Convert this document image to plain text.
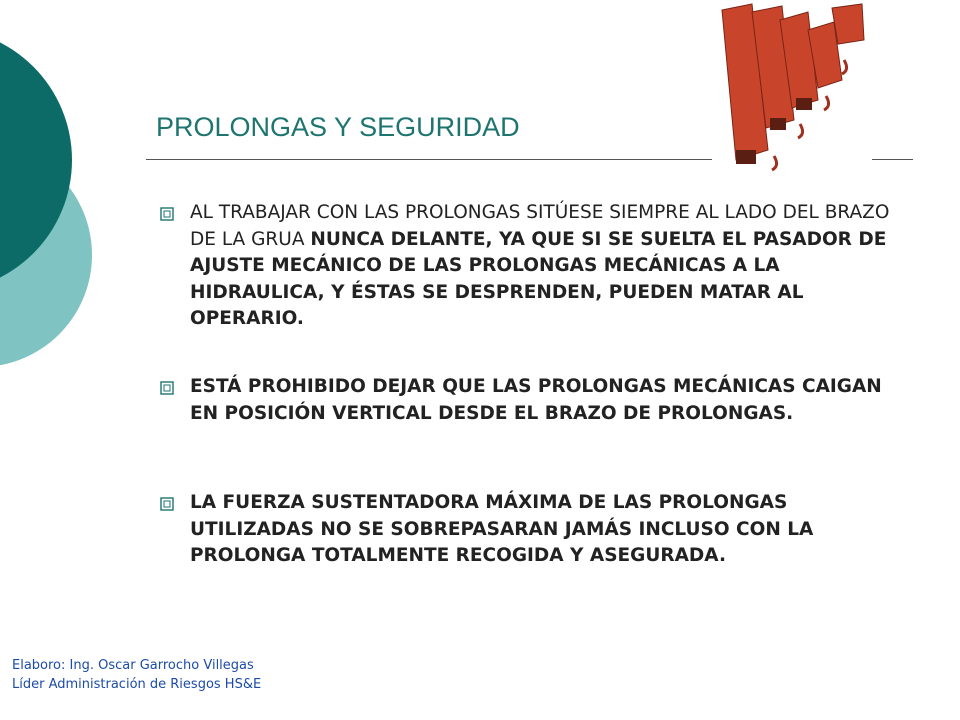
PROLONGAS Y SEGURIDAD
AL TRABAJAR CON LAS PROLONGAS SITÚESE SIEMPRE AL LADO DEL BRAZO DE LA GRUA NUNCA DELANTE, YA QUE SI SE SUELTA EL PASADOR DE AJUSTE MECÁNICO DE LAS PROLONGAS MECÁNICAS A LA HIDRAULICA, Y ÉSTAS SE DESPRENDEN, PUEDEN MATAR AL OPERARIO.
ESTÁ PROHIBIDO DEJAR QUE LAS PROLONGAS MECÁNICAS CAIGAN EN POSICIÓN VERTICAL DESDE EL BRAZO DE PROLONGAS.
LA FUERZA SUSTENTADORA MÁXIMA DE LAS PROLONGAS UTILIZADAS NO SE SOBREPASARAN JAMÁS INCLUSO CON LA PROLONGA TOTALMENTE RECOGIDA Y ASEGURADA.
Elaboro: Ing. Oscar Garrocho Villegas
Líder Administración de Riesgos HS&E
